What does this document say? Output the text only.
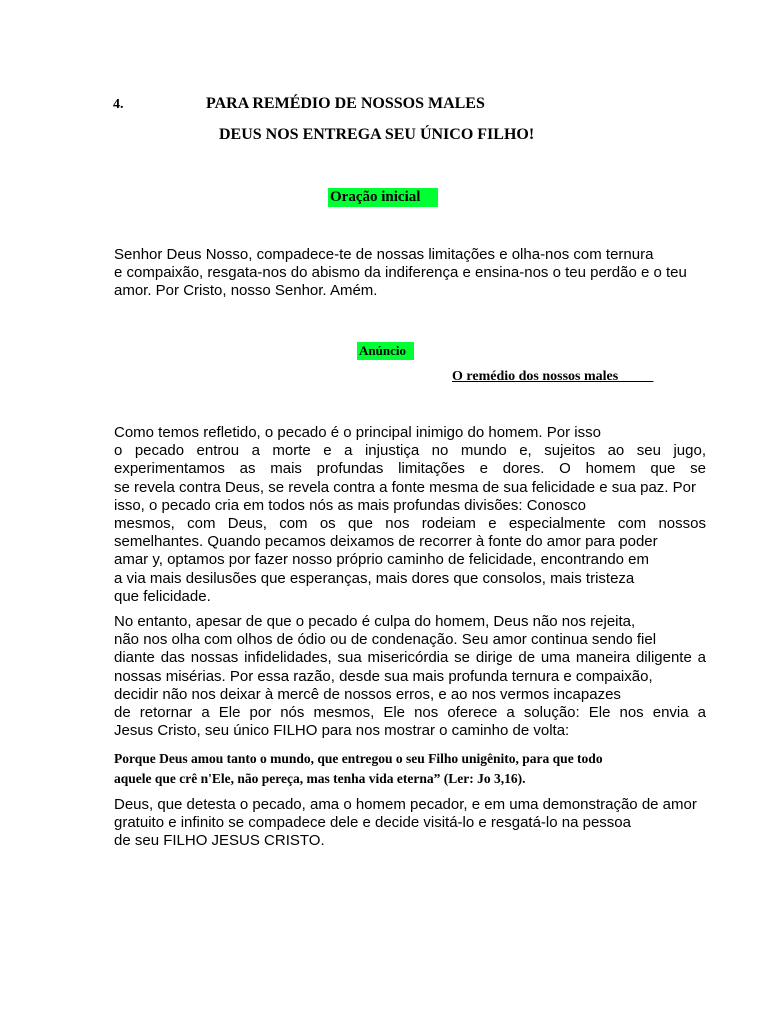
4.	PARA REMÉDIO DE NOSSOS MALES
DEUS NOS ENTREGA SEU ÚNICO FILHO!
Oração inicial
Senhor Deus Nosso, compadece-te de nossas limitações e olha-nos com ternura
e compaixão, resgata-nos do abismo da indiferença e ensina-nos o teu perdão e o teu
amor. Por Cristo, nosso Senhor. Amém.
Anúncio
O remédio dos nossos males_____
Como temos refletido, o pecado é o principal inimigo do homem. Por isso
o pecado entrou a morte e a injustiça no mundo e, sujeitos ao seu jugo,
experimentamos as mais profundas limitações e dores. O homem que se
se revela contra Deus, se revela contra a fonte mesma de sua felicidade e sua paz. Por
isso, o pecado cria em todos nós as mais profundas divisões: Conosco
mesmos, com Deus, com os que nos rodeiam e especialmente com nossos
semelhantes. Quando pecamos deixamos de recorrer à fonte do amor para poder
amar y, optamos por fazer nosso próprio caminho de felicidade, encontrando em
a via mais desilusões que esperanças, mais dores que consolos, mais tristeza
que felicidade.
No entanto, apesar de que o pecado é culpa do homem, Deus não nos rejeita,
não nos olha com olhos de ódio ou de condenação. Seu amor continua sendo fiel
diante das nossas infidelidades, sua misericórdia se dirige de uma maneira diligente a
nossas misérias. Por essa razão, desde sua mais profunda ternura e compaixão,
decidir não nos deixar à mercê de nossos erros, e ao nos vermos incapazes
de retornar a Ele por nós mesmos, Ele nos oferece a solução: Ele nos envia a
Jesus Cristo, seu único FILHO para nos mostrar o caminho de volta:
Porque Deus amou tanto o mundo, que entregou o seu Filho unigênito, para que todo
aquele que crê n'Ele, não pereça, mas tenha vida eterna” (Ler: Jo 3,16).
Deus, que detesta o pecado, ama o homem pecador, e em uma demonstração de amor
gratuito e infinito se compadece dele e decide visitá-lo e resgatá-lo na pessoa
de seu FILHO JESUS CRISTO.
